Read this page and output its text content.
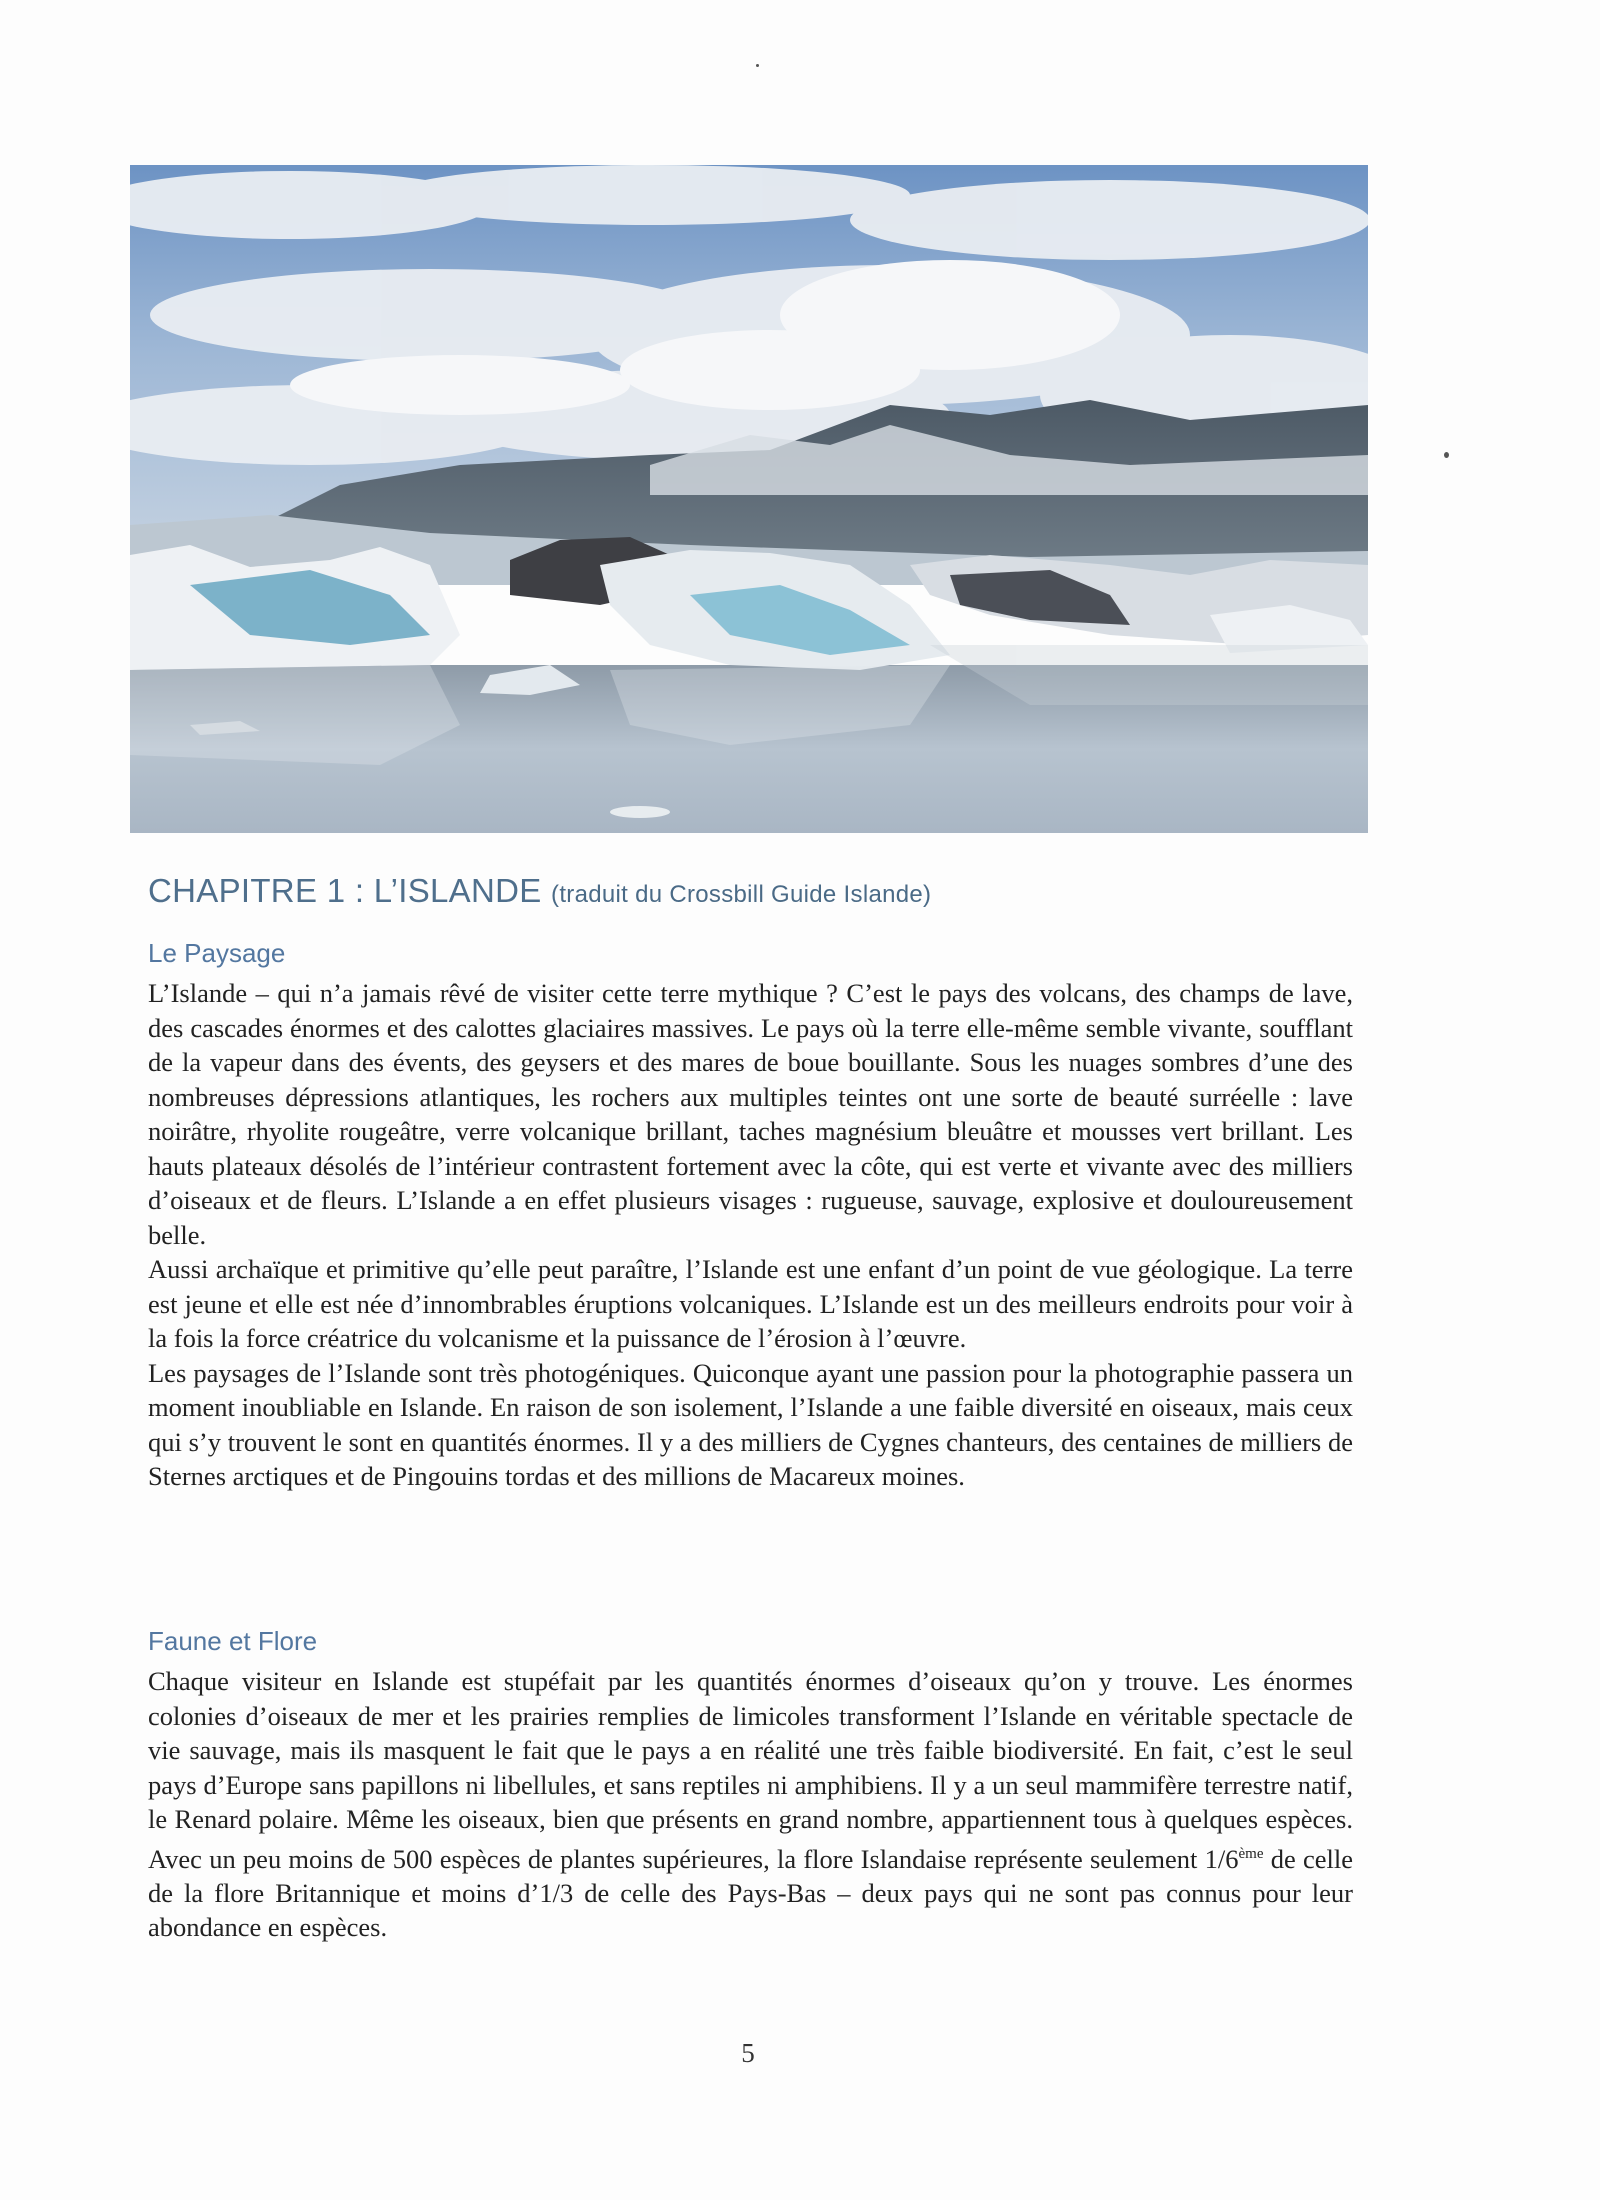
CHAPITRE 1 : L’ISLANDE (traduit du Crossbill Guide Islande)
Le Paysage

L’Islande – qui n’a jamais rêvé de visiter cette terre mythique ? C’est le pays des volcans, des champs de lave, des cascades énormes et des calottes glaciaires massives. Le pays où la terre elle-même semble vivante, soufflant de la vapeur dans des évents, des geysers et des mares de boue bouillante. Sous les nuages sombres d’une des nombreuses dépressions atlantiques, les rochers aux multiples teintes ont une sorte de beauté surréelle : lave noirâtre, rhyolite rougeâtre, verre volcanique brillant, taches magnésium bleuâtre et mousses vert brillant. Les hauts plateaux désolés de l’intérieur contrastent fortement avec la côte, qui est verte et vivante avec des milliers d’oiseaux et de fleurs. L’Islande a en effet plusieurs visages : rugueuse, sauvage, explosive et douloureusement belle.

Aussi archaïque et primitive qu’elle peut paraître, l’Islande est une enfant d’un point de vue géologique. La terre est jeune et elle est née d’innombrables éruptions volcaniques. L’Islande est un des meilleurs endroits pour voir à la fois la force créatrice du volcanisme et la puissance de l’érosion à l’œuvre.

Les paysages de l’Islande sont très photogéniques. Quiconque ayant une passion pour la photographie passera un moment inoubliable en Islande. En raison de son isolement, l’Islande a une faible diversité en oiseaux, mais ceux qui s’y trouvent le sont en quantités énormes. Il y a des milliers de Cygnes chanteurs, des centaines de milliers de Sternes arctiques et de Pingouins tordas et des millions de Macareux moines.

Faune et Flore

Chaque visiteur en Islande est stupéfait par les quantités énormes d’oiseaux qu’on y trouve. Les énormes colonies d’oiseaux de mer et les prairies remplies de limicoles transforment l’Islande en véritable spectacle de vie sauvage, mais ils masquent le fait que le pays a en réalité une très faible biodiversité. En fait, c’est le seul pays d’Europe sans papillons ni libellules, et sans reptiles ni amphibiens. Il y a un seul mammifère terrestre natif, le Renard polaire. Même les oiseaux, bien que présents en grand nombre, appartiennent tous à quelques espèces. Avec un peu moins de 500 espèces de plantes supérieures, la flore Islandaise représente seulement 1/6ème de celle de la flore Britannique et moins d’1/3 de celle des Pays-Bas – deux pays qui ne sont pas connus pour leur abondance en espèces.

5
